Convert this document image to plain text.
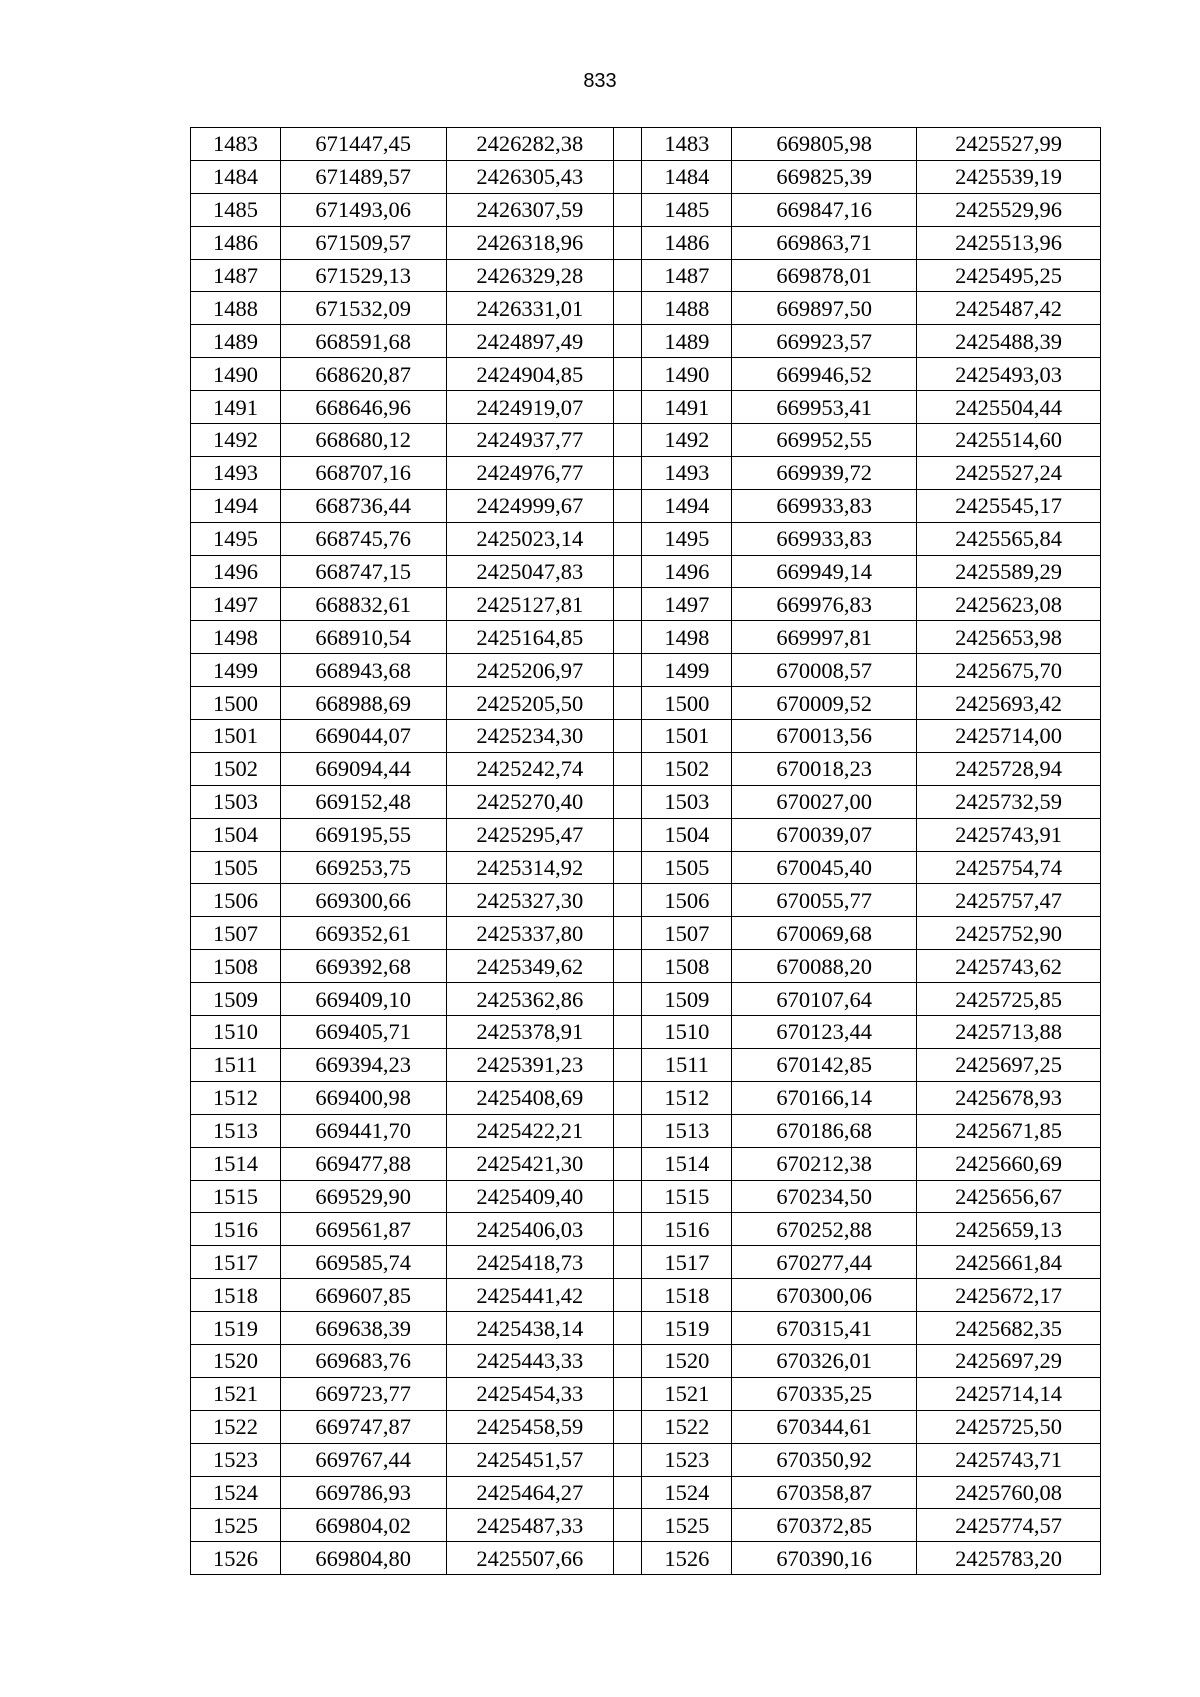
833
1483	671447,45	2426282,38		1483	669805,98	2425527,99
1484	671489,57	2426305,43		1484	669825,39	2425539,19
1485	671493,06	2426307,59		1485	669847,16	2425529,96
1486	671509,57	2426318,96		1486	669863,71	2425513,96
1487	671529,13	2426329,28		1487	669878,01	2425495,25
1488	671532,09	2426331,01		1488	669897,50	2425487,42
1489	668591,68	2424897,49		1489	669923,57	2425488,39
1490	668620,87	2424904,85		1490	669946,52	2425493,03
1491	668646,96	2424919,07		1491	669953,41	2425504,44
1492	668680,12	2424937,77		1492	669952,55	2425514,60
1493	668707,16	2424976,77		1493	669939,72	2425527,24
1494	668736,44	2424999,67		1494	669933,83	2425545,17
1495	668745,76	2425023,14		1495	669933,83	2425565,84
1496	668747,15	2425047,83		1496	669949,14	2425589,29
1497	668832,61	2425127,81		1497	669976,83	2425623,08
1498	668910,54	2425164,85		1498	669997,81	2425653,98
1499	668943,68	2425206,97		1499	670008,57	2425675,70
1500	668988,69	2425205,50		1500	670009,52	2425693,42
1501	669044,07	2425234,30		1501	670013,56	2425714,00
1502	669094,44	2425242,74		1502	670018,23	2425728,94
1503	669152,48	2425270,40		1503	670027,00	2425732,59
1504	669195,55	2425295,47		1504	670039,07	2425743,91
1505	669253,75	2425314,92		1505	670045,40	2425754,74
1506	669300,66	2425327,30		1506	670055,77	2425757,47
1507	669352,61	2425337,80		1507	670069,68	2425752,90
1508	669392,68	2425349,62		1508	670088,20	2425743,62
1509	669409,10	2425362,86		1509	670107,64	2425725,85
1510	669405,71	2425378,91		1510	670123,44	2425713,88
1511	669394,23	2425391,23		1511	670142,85	2425697,25
1512	669400,98	2425408,69		1512	670166,14	2425678,93
1513	669441,70	2425422,21		1513	670186,68	2425671,85
1514	669477,88	2425421,30		1514	670212,38	2425660,69
1515	669529,90	2425409,40		1515	670234,50	2425656,67
1516	669561,87	2425406,03		1516	670252,88	2425659,13
1517	669585,74	2425418,73		1517	670277,44	2425661,84
1518	669607,85	2425441,42		1518	670300,06	2425672,17
1519	669638,39	2425438,14		1519	670315,41	2425682,35
1520	669683,76	2425443,33		1520	670326,01	2425697,29
1521	669723,77	2425454,33		1521	670335,25	2425714,14
1522	669747,87	2425458,59		1522	670344,61	2425725,50
1523	669767,44	2425451,57		1523	670350,92	2425743,71
1524	669786,93	2425464,27		1524	670358,87	2425760,08
1525	669804,02	2425487,33		1525	670372,85	2425774,57
1526	669804,80	2425507,66		1526	670390,16	2425783,20
